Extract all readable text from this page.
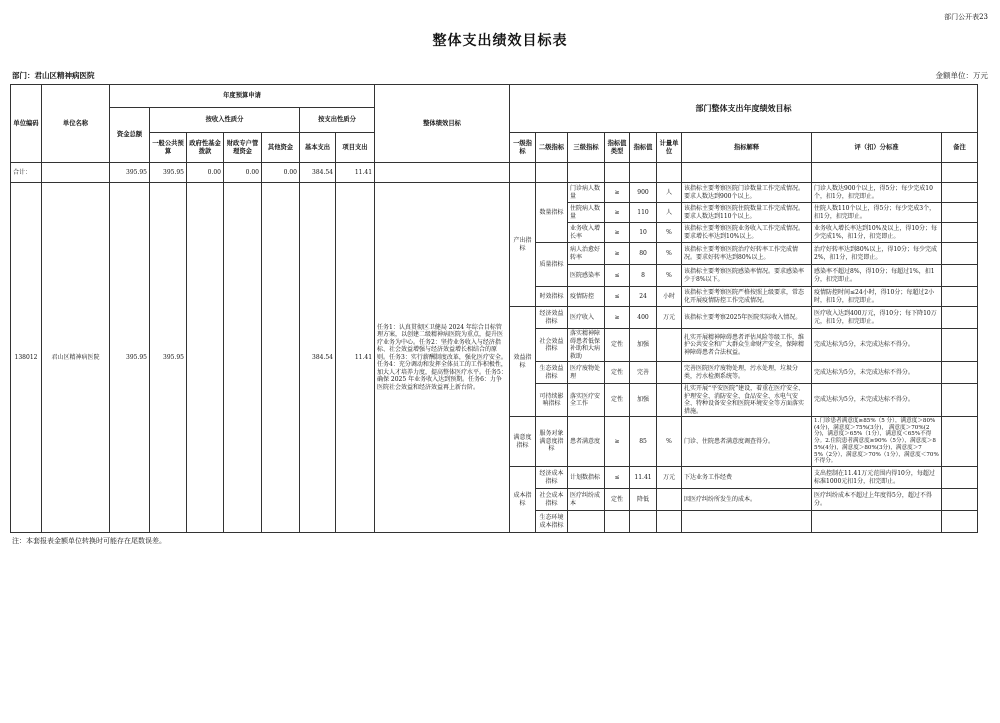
部门公开表23
整体支出绩效目标表
部门：君山区精神病医院	金额单位：万元
单位编码	单位名称	年度预算申请							整体绩效目标	部门整体支出年度绩效目标								
		资金总额	按收入性质分				按支出性质分											
			一般公共预算	政府性基金拨款	财政专户管理资金	其他资金	基本支出	项目支出		一级指标	二级指标	三级指标	指标值类型	指标值	计量单位	指标解释	评（扣）分标准	备注
合计：		395.95	395.95	0.00	0.00	0.00	384.54	11.41										
138012	君山区精神病医院	395.95	395.95				384.54	11.41	任务1：认真贯彻区卫健局 2024 年综合目标管理方案，以创建二级精神病医院为重点，提升医疗业务为中心。任务2：坚持业务收入与经济指标、社会效益增强与经济效益增长相结合的原则。任务3：实行薪酬制度改革，强化医疗安全。任务4：充分调动和发挥全体员工的工作积极性，加大人才培养力度，提高整体医疗水平。任务5：确保 2025 年业务收入达到预期。任务6：力争医院社会效益和经济效益再上新台阶。	产出指标	数量指标	门诊病人数量	≥	900	人	该指标主要考察医院门诊数量工作完成情况。要求人数达到900个以上。	门诊人数达900个以上，得5分；每少完成10个，扣1分，扣完即止。	
												住院病人数量	≥	110	人	该指标主要考察医院住院数量工作完成情况。要求人数达到110个以上。	住院人数110个以上，得5分；每少完成3个，扣1分，扣完即止。	
												业务收入增长率	≥	10	%	该指标主要考察医院业务收入工作完成情况。要求增长率达到10%以上。	业务收入增长率达到10%及以上，得10分；每少完成1%，扣1分，扣完即止。	
											质量指标	病人治愈好转率	≥	80	%	该指标主要考察医院治疗好转率工作完成情况。要求好转率达到80%以上。	治疗好转率达到80%以上，得10分；每少完成2%，扣1分，扣完即止。	
												医院感染率	≤	8	%	该指标主要考察医院感染率情况。要求感染率少于8%以下。	感染率不超过8%，得10分；每超过1%，扣1分，扣完即止。	
											时效指标	疫情防控	≤	24	小时	该指标主要考察医院严格按照上级要求，常态化开展疫情防控工作完成情况。	疫情防控时间≤24小时，得10分；每超过2小时，扣1分，扣完即止。	
										效益指标	经济效益指标	医疗收入	≥	400	万元	该指标主要考察2025年医院实际收入情况。	医疗收入达到400万元，得10分；每下降10万元，扣1分，扣完即止。	
											社会效益指标	落实精神障碍患者低保补助和大病救助	定性	加强		扎实开展精神障碍患者评估风险等级工作，维护公共安全和广大群众生命财产安全，保障精神障碍患者合法权益。	完成达标为5分，未完成达标不得分。	
											生态效益指标	医疗废物处理	定性	完善		完善医院医疗废物处理，污水处理，垃圾分类，污水检测系统等。	完成达标为5分，未完成达标不得分。	
											可持续影响指标	落实医疗安全工作	定性	加强		扎实开展“平安医院”建设，着重在医疗安全、护理安全、消防安全、食品安全、水电气安全、特种设备安全和医院环境安全等方面落实措施。	完成达标为5分，未完成达标不得分。	
										满意度指标	服务对象满意度指标	患者满意度	≥	85	%	门诊、住院患者满意度调查得分。	1.门诊患者满意度≥85%（5 分），满意度＞80%(4分)，满意度＞75%(3分)， 满意度＞70%(2分)，满意度＞65%（1分），满意度＜65%不得分。2.住院患者满意度≥90%（5分），满意度＞85%(4分)，满意度＞80%(3分)，满意度＞75%（2分），满意度＞70%（1分），满意度＜70%不得分。	
										成本指标	经济成本指标	计划数指标	≤	11.41	万元	下达业务工作经费	支出控制在11.41万元范围内得10分，每超过标准1000元扣1分，扣完即止。	
											社会成本指标	医疗纠纷成本	定性	降低		因医疗纠纷所发生的成本。	医疗纠纷成本不超过上年度得5分，超过不得分。	
											生态环境成本指标							
注：本套报表金额单位转换时可能存在尾数误差。
